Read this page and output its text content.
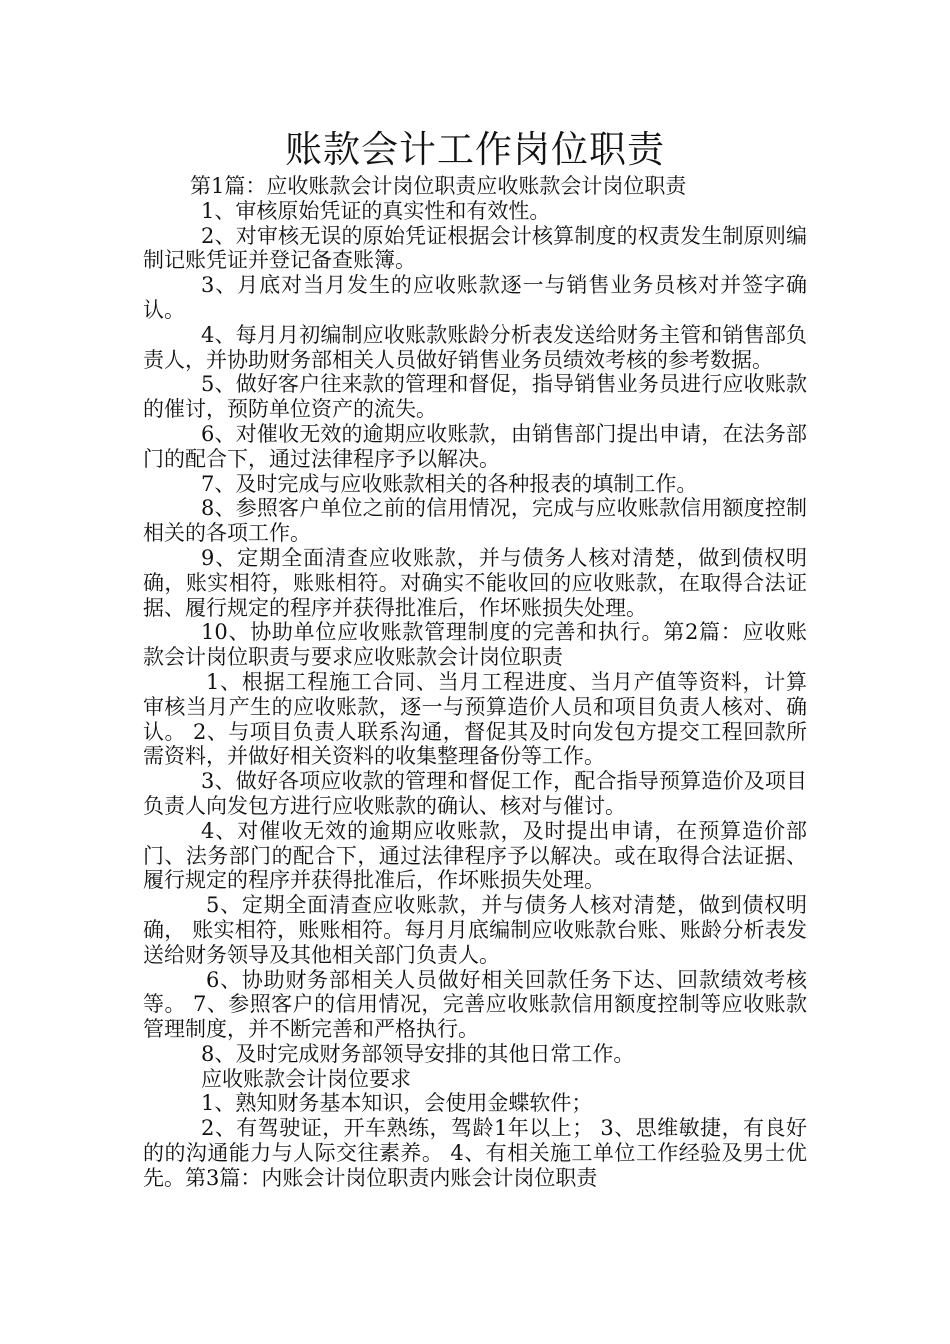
账款会计工作岗位职责

第1篇：应收账款会计岗位职责应收账款会计岗位职责

1、审核原始凭证的真实性和有效性。

2、对审核无误的原始凭证根据会计核算制度的权责发生制原则编制记账凭证并登记备查账簿。

3、月底对当月发生的应收账款逐一与销售业务员核对并签字确认。

4、每月月初编制应收账款账龄分析表发送给财务主管和销售部负责人，并协助财务部相关人员做好销售业务员绩效考核的参考数据。

5、做好客户往来款的管理和督促，指导销售业务员进行应收账款的催讨，预防单位资产的流失。

6、对催收无效的逾期应收账款，由销售部门提出申请，在法务部门的配合下，通过法律程序予以解决。

7、及时完成与应收账款相关的各种报表的填制工作。

8、参照客户单位之前的信用情况，完成与应收账款信用额度控制相关的各项工作。

9、定期全面清查应收账款，并与债务人核对清楚，做到债权明确，账实相符，账账相符。对确实不能收回的应收账款，在取得合法证据、履行规定的程序并获得批准后，作坏账损失处理。

10、协助单位应收账款管理制度的完善和执行。第2篇：应收账款会计岗位职责与要求应收账款会计岗位职责

1、根据工程施工合同、当月工程进度、当月产值等资料，计算审核当月产生的应收账款，逐一与预算造价人员和项目负责人核对、确认。 2、与项目负责人联系沟通，督促其及时向发包方提交工程回款所需资料，并做好相关资料的收集整理备份等工作。

3、做好各项应收款的管理和督促工作，配合指导预算造价及项目负责人向发包方进行应收账款的确认、核对与催讨。

4、对催收无效的逾期应收账款，及时提出申请，在预算造价部门、法务部门的配合下，通过法律程序予以解决。或在取得合法证据、履行规定的程序并获得批准后，作坏账损失处理。

5、定期全面清查应收账款，并与债务人核对清楚，做到债权明确， 账实相符，账账相符。每月月底编制应收账款台账、账龄分析表发送给财务领导及其他相关部门负责人。

6、协助财务部相关人员做好相关回款任务下达、回款绩效考核等。 7、参照客户的信用情况，完善应收账款信用额度控制等应收账款管理制度，并不断完善和严格执行。

8、及时完成财务部领导安排的其他日常工作。

应收账款会计岗位要求

1、熟知财务基本知识，会使用金蝶软件；

2、有驾驶证，开车熟练，驾龄1年以上； 3、思维敏捷，有良好的的沟通能力与人际交往素养。 4、有相关施工单位工作经验及男士优先。第3篇：内账会计岗位职责内账会计岗位职责
